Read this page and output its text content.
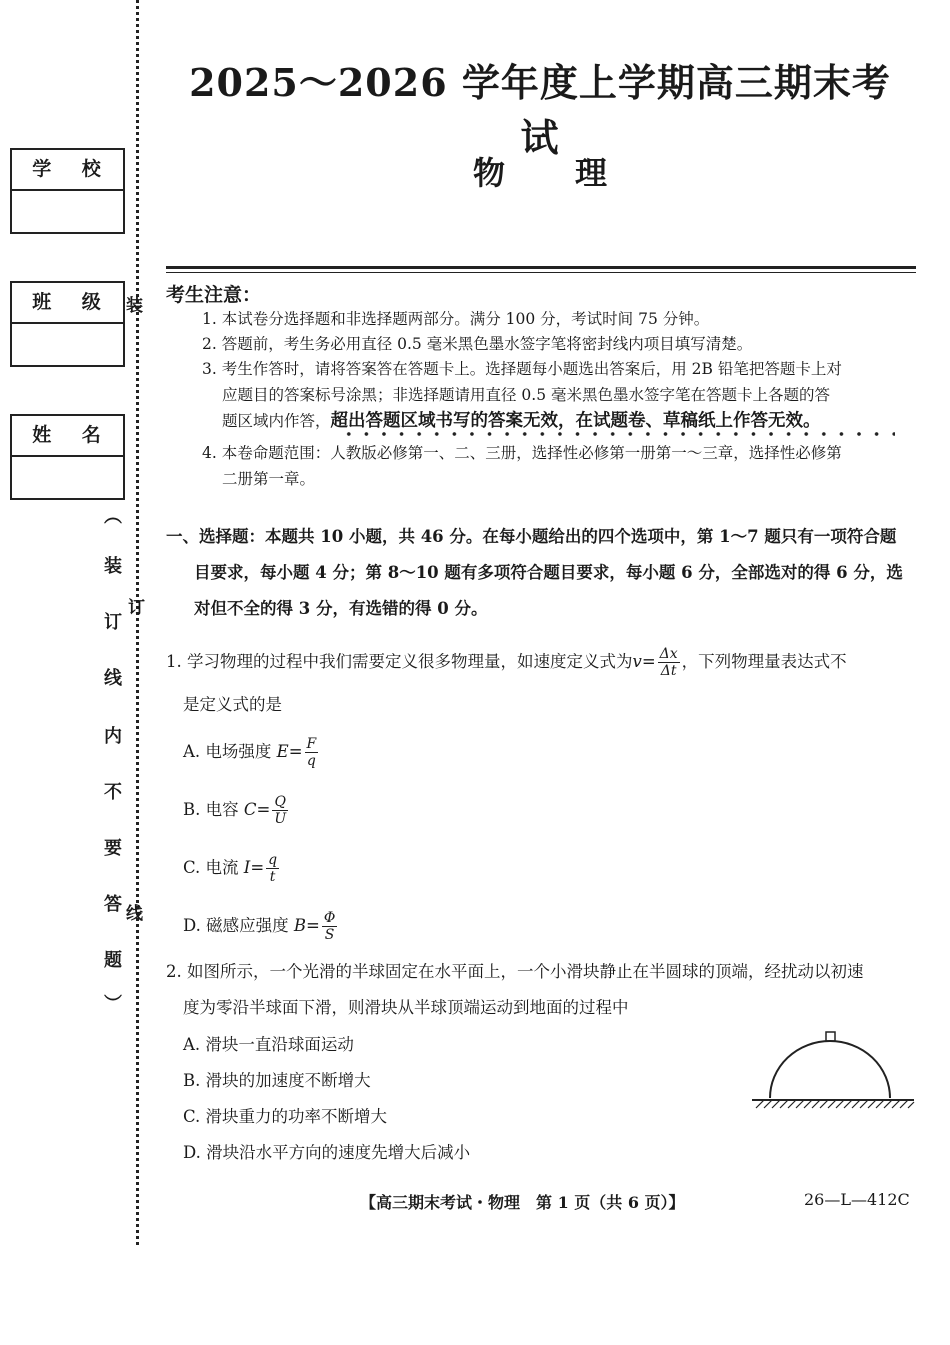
学 校
班 级
姓 名
装
订
线
︵
装
订
线
内
不
要
答
题
︶
2025～2026 学年度上学期高三期末考试
物理
考生注意：
1. 本试卷分选择题和非选择题两部分。满分 100 分，考试时间 75 分钟。
2. 答题前，考生务必用直径 0.5 毫米黑色墨水签字笔将密封线内项目填写清楚。
3. 考生作答时，请将答案答在答题卡上。选择题每小题选出答案后，用 2B 铅笔把答题卡上对
应题目的答案标号涂黑；非选择题请用直径 0.5 毫米黑色墨水签字笔在答题卡上各题的答
题区域内作答，超出答题区域书写的答案无效，在试题卷、草稿纸上作答无效。
4. 本卷命题范围：人教版必修第一、二、三册，选择性必修第一册第一～三章，选择性必修第
二册第一章。
一、选择题：本题共 10 小题，共 46 分。在每小题给出的四个选项中，第 1～7 题只有一项符合题
目要求，每小题 4 分；第 8～10 题有多项符合题目要求，每小题 6 分，全部选对的得 6 分，选
对但不全的得 3 分，有选错的得 0 分。
1. 学习物理的过程中我们需要定义很多物理量，如速度定义式为$v= \frac{\Delta x}{\Delta t}$ ，下列物理量表达式不
是定义式的是
A. 电场强度 $E= \frac{F}{q}$
B. 电容 $C= \frac{Q}{U}$
C. 电流 $I= \frac{q}{t}$
D. 磁感应强度 $B= \frac{\Phi}{S}$
2. 如图所示，一个光滑的半球固定在水平面上，一个小滑块静止在半圆球的顶端，经扰动以初速
度为零沿半球面下滑，则滑块从半球顶端运动到地面的过程中
A. 滑块一直沿球面运动
B. 滑块的加速度不断增大
C. 滑块重力的功率不断增大
D. 滑块沿水平方向的速度先增大后减小
【高三期末考试・物理　第 1 页（共 6 页）】	26—L—412C
